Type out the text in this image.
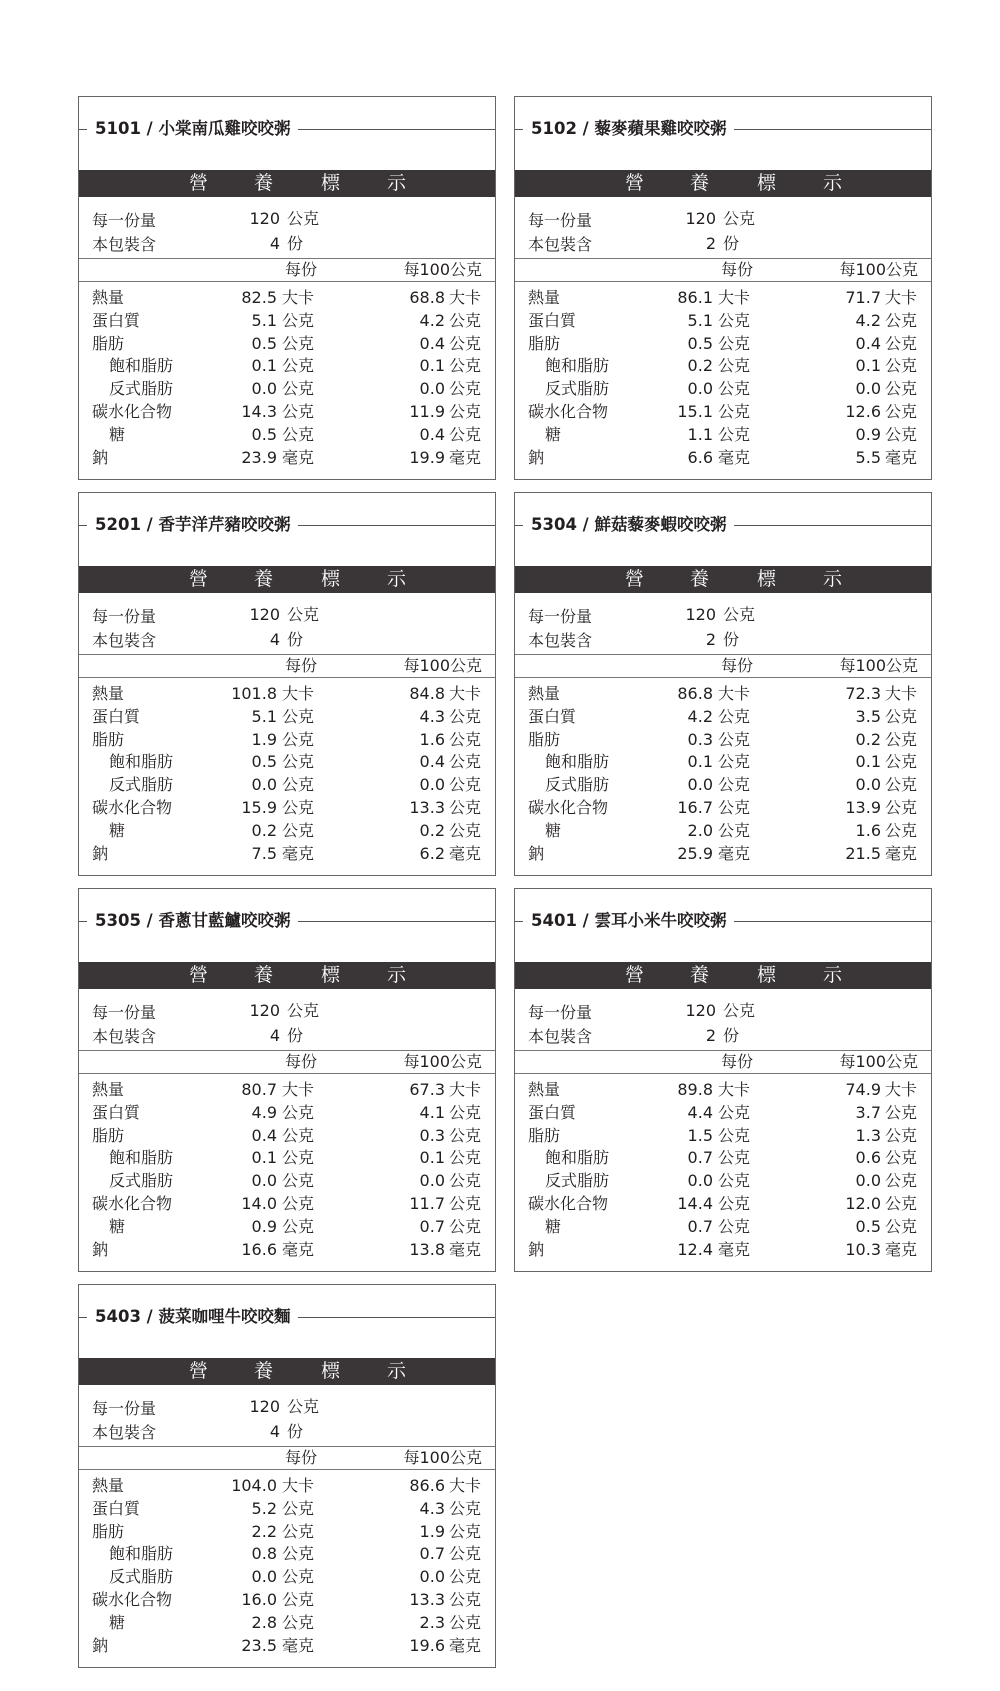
5101 / 小棠南瓜雞咬咬粥
營 養	標 示
每一份量	120 公克
本包裝含	4 份
每份	每100公克
熱量	82.5 大卡	68.8 大卡
蛋白質	5.1 公克	4.2 公克
脂肪	0.5 公克	0.4 公克
飽和脂肪	0.1 公克	0.1 公克
反式脂肪	0.0 公克	0.0 公克
碳水化合物	14.3 公克	11.9 公克
糖	0.5 公克	0.4 公克
鈉	23.9 毫克	19.9 毫克
5102 / 藜麥蘋果雞咬咬粥
營 養	標 示
每一份量	120 公克
本包裝含	2 份
每份	每100公克
熱量	86.1 大卡	71.7 大卡
蛋白質	5.1 公克	4.2 公克
脂肪	0.5 公克	0.4 公克
飽和脂肪	0.2 公克	0.1 公克
反式脂肪	0.0 公克	0.0 公克
碳水化合物	15.1 公克	12.6 公克
糖	1.1 公克	0.9 公克
鈉	6.6 毫克	5.5 毫克
5201 / 香芋洋芹豬咬咬粥
營 養	標 示
每一份量	120 公克
本包裝含	4 份
每份	每100公克
熱量	101.8 大卡	84.8 大卡
蛋白質	5.1 公克	4.3 公克
脂肪	1.9 公克	1.6 公克
飽和脂肪	0.5 公克	0.4 公克
反式脂肪	0.0 公克	0.0 公克
碳水化合物	15.9 公克	13.3 公克
糖	0.2 公克	0.2 公克
鈉	7.5 毫克	6.2 毫克
5304 / 鮮菇藜麥蝦咬咬粥
營 養	標 示
每一份量	120 公克
本包裝含	2 份
每份	每100公克
熱量	86.8 大卡	72.3 大卡
蛋白質	4.2 公克	3.5 公克
脂肪	0.3 公克	0.2 公克
飽和脂肪	0.1 公克	0.1 公克
反式脂肪	0.0 公克	0.0 公克
碳水化合物	16.7 公克	13.9 公克
糖	2.0 公克	1.6 公克
鈉	25.9 毫克	21.5 毫克
5305 / 香蔥甘藍鱸咬咬粥
營 養	標 示
每一份量	120 公克
本包裝含	4 份
每份	每100公克
熱量	80.7 大卡	67.3 大卡
蛋白質	4.9 公克	4.1 公克
脂肪	0.4 公克	0.3 公克
飽和脂肪	0.1 公克	0.1 公克
反式脂肪	0.0 公克	0.0 公克
碳水化合物	14.0 公克	11.7 公克
糖	0.9 公克	0.7 公克
鈉	16.6 毫克	13.8 毫克
5401 / 雲耳小米牛咬咬粥
營 養	標 示
每一份量	120 公克
本包裝含	2 份
每份	每100公克
熱量	89.8 大卡	74.9 大卡
蛋白質	4.4 公克	3.7 公克
脂肪	1.5 公克	1.3 公克
飽和脂肪	0.7 公克	0.6 公克
反式脂肪	0.0 公克	0.0 公克
碳水化合物	14.4 公克	12.0 公克
糖	0.7 公克	0.5 公克
鈉	12.4 毫克	10.3 毫克
5403 / 菠菜咖哩牛咬咬麵
營 養	標 示
每一份量	120 公克
本包裝含	4 份
每份	每100公克
熱量	104.0 大卡	86.6 大卡
蛋白質	5.2 公克	4.3 公克
脂肪	2.2 公克	1.9 公克
飽和脂肪	0.8 公克	0.7 公克
反式脂肪	0.0 公克	0.0 公克
碳水化合物	16.0 公克	13.3 公克
糖	2.8 公克	2.3 公克
鈉	23.5 毫克	19.6 毫克
